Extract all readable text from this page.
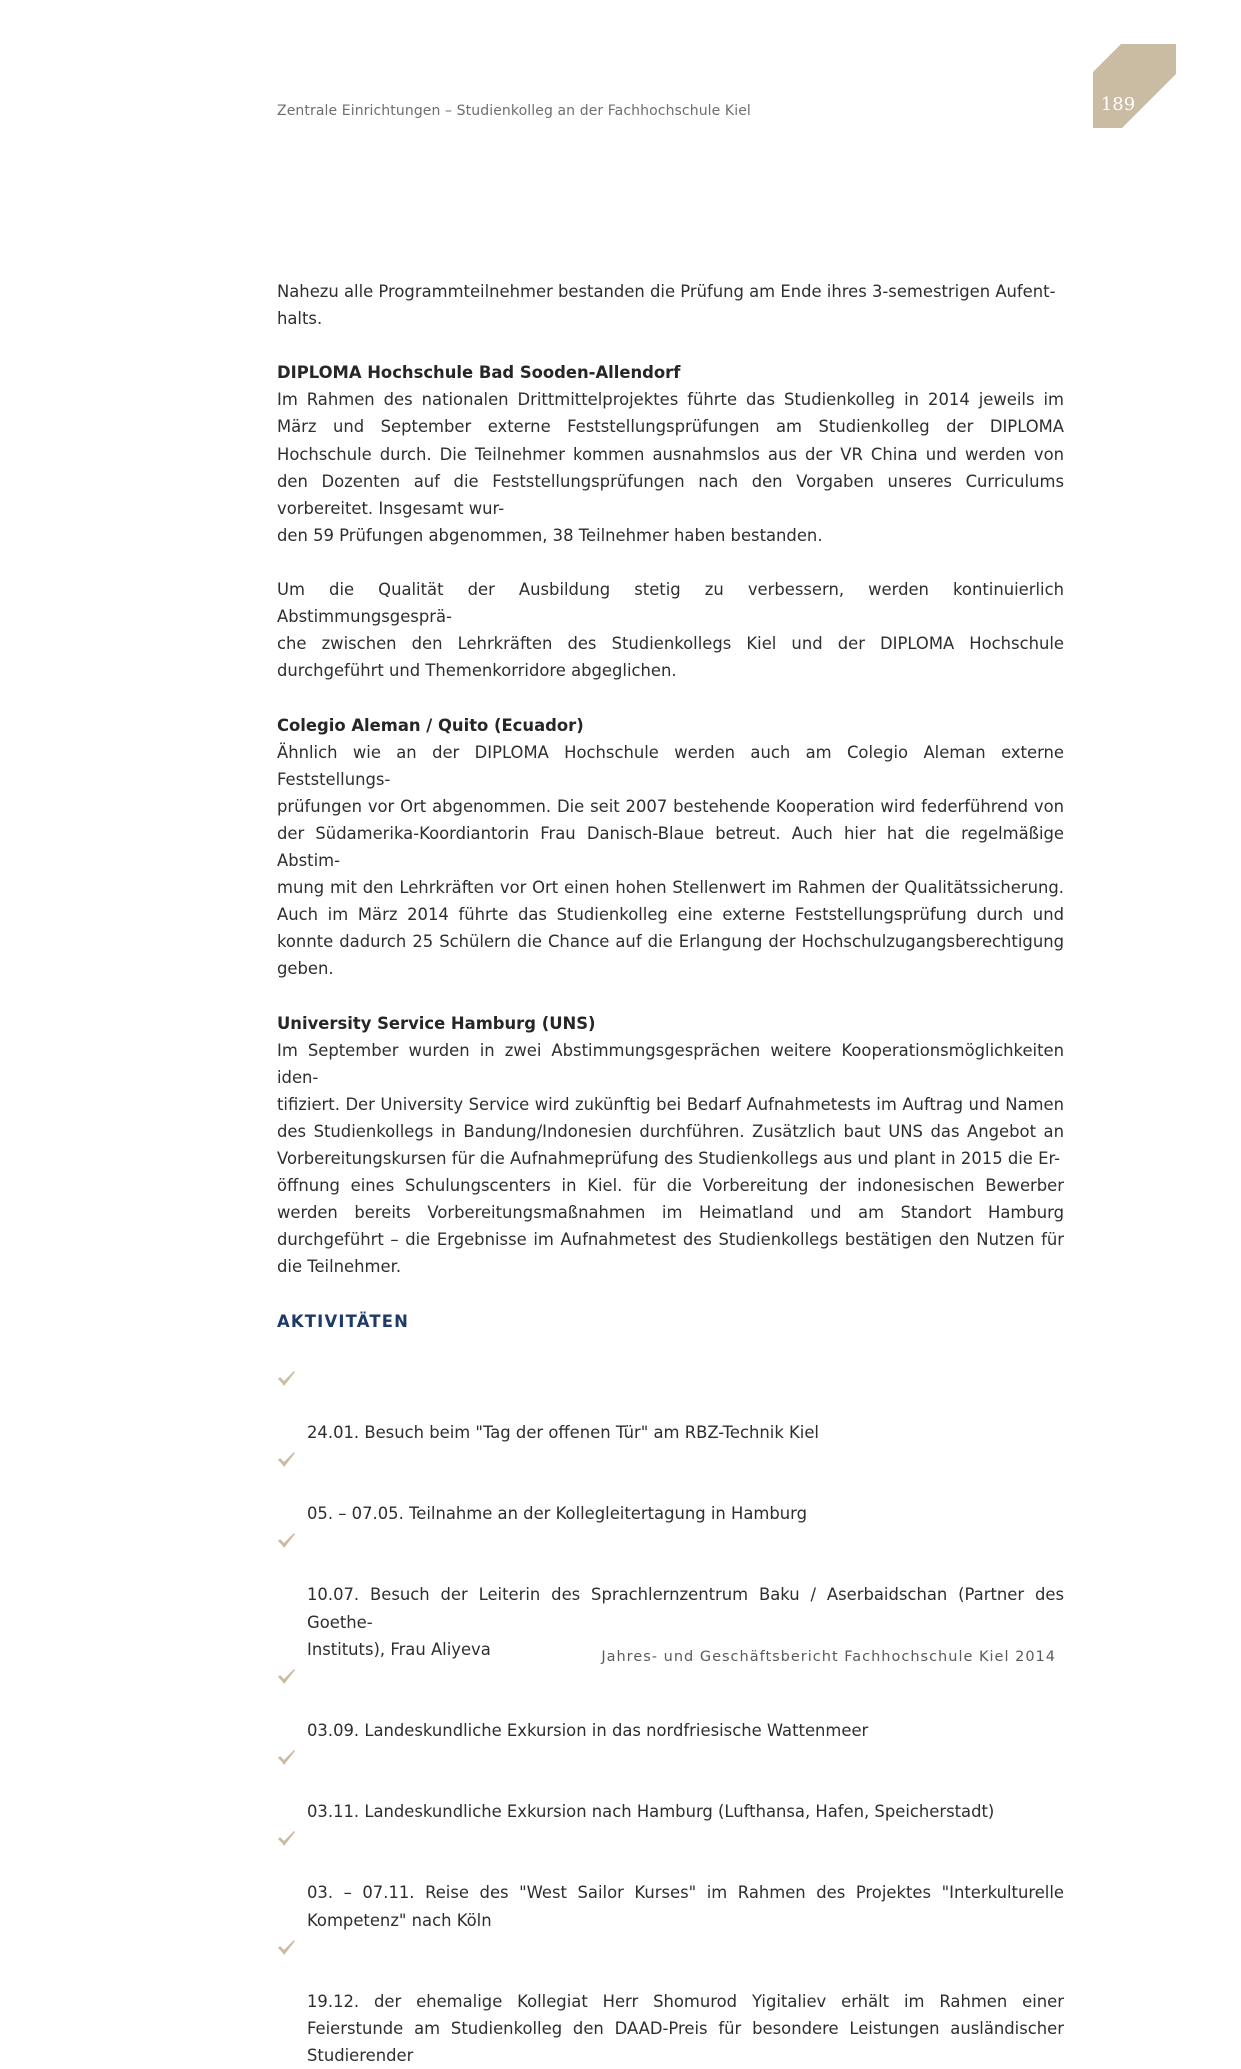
Zentrale Einrichtungen – Studienkolleg an der Fachhochschule Kiel	189

Nahezu alle Programmteilnehmer bestanden die Prüfung am Ende ihres 3-semestrigen Aufent-
halts.

DIPLOMA Hochschule Bad Sooden-Allendorf

Im Rahmen des nationalen Drittmittelprojektes führte das Studienkolleg in 2014 jeweils im März und September externe Feststellungsprüfungen am Studienkolleg der DIPLOMA Hochschule durch. Die Teilnehmer kommen ausnahmslos aus der VR China und werden von den Dozenten auf die Feststellungsprüfungen nach den Vorgaben unseres Curriculums vorbereitet. Insgesamt wur-
den 59 Prüfungen abgenommen, 38 Teilnehmer haben bestanden.

Um die Qualität der Ausbildung stetig zu verbessern, werden kontinuierlich Abstimmungsgesprä-
che zwischen den Lehrkräften des Studienkollegs Kiel und der DIPLOMA Hochschule durchgeführt und Themenkorridore abgeglichen.

Colegio Aleman / Quito (Ecuador)

Ähnlich wie an der DIPLOMA Hochschule werden auch am Colegio Aleman externe Feststellungs-
prüfungen vor Ort abgenommen. Die seit 2007 bestehende Kooperation wird federführend von der Südamerika-Koordiantorin Frau Danisch-Blaue betreut. Auch hier hat die regelmäßige Abstim-
mung mit den Lehrkräften vor Ort einen hohen Stellenwert im Rahmen der Qualitätssicherung. Auch im März 2014 führte das Studienkolleg eine externe Feststellungsprüfung durch und konnte dadurch 25 Schülern die Chance auf die Erlangung der Hochschulzugangsberechtigung geben.

University Service Hamburg (UNS)

Im September wurden in zwei Abstimmungsgesprächen weitere Kooperationsmöglichkeiten iden-
tifiziert. Der University Service wird zukünftig bei Bedarf Aufnahmetests im Auftrag und Namen des Studienkollegs in Bandung/Indonesien durchführen. Zusätzlich baut UNS das Angebot an Vorbereitungskursen für die Aufnahmeprüfung des Studienkollegs aus und plant in 2015 die Er-
öffnung eines Schulungscenters in Kiel. für die Vorbereitung der indonesischen Bewerber werden bereits Vorbereitungsmaßnahmen im Heimatland und am Standort Hamburg durchgeführt – die Ergebnisse im Aufnahmetest des Studienkollegs bestätigen den Nutzen für die Teilnehmer.

AKTIVITÄTEN

24.01. Besuch beim "Tag der offenen Tür" am RBZ-Technik Kiel

05. – 07.05. Teilnahme an der Kollegleitertagung in Hamburg

10.07. Besuch der Leiterin des Sprachlernzentrum Baku / Aserbaidschan (Partner des Goethe-
Instituts), Frau Aliyeva

03.09. Landeskundliche Exkursion in das nordfriesische Wattenmeer

03.11. Landeskundliche Exkursion nach Hamburg (Lufthansa, Hafen, Speicherstadt)

03. – 07.11. Reise des "West Sailor Kurses" im Rahmen des Projektes "Interkulturelle Kompetenz" nach Köln

19.12. der ehemalige Kollegiat Herr Shomurod Yigitaliev erhält im Rahmen einer Feierstunde am Studienkolleg den DAAD-Preis für besondere Leistungen ausländischer Studierender

Jahres- und Geschäftsbericht Fachhochschule Kiel 2014
